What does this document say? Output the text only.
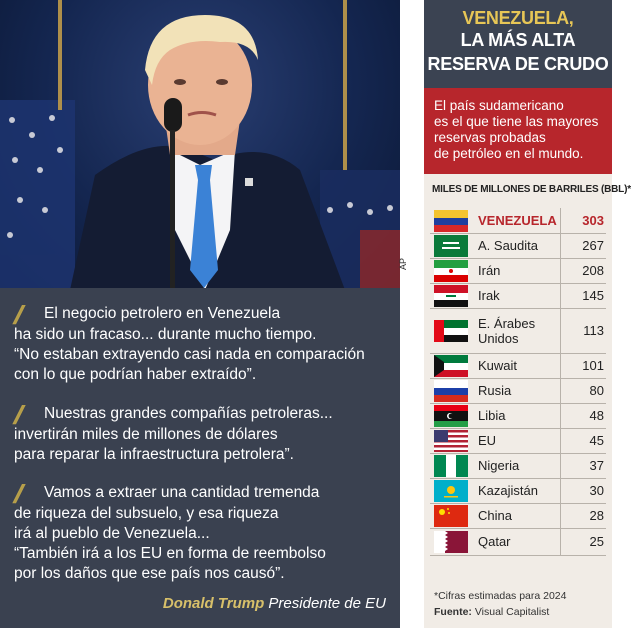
AP
// El negocio petrolero en Venezuela
ha sido un fracaso... durante mucho tiempo.
“No estaban extrayendo casi nada en comparación
con lo que podrían haber extraído”.
// Nuestras grandes compañías petroleras...
invertirán miles de millones de dólares
para reparar la infraestructura petrolera”.
// Vamos a extraer una cantidad tremenda
de riqueza del subsuelo, y esa riqueza
irá al pueblo de Venezuela...
“También irá a los EU en forma de reembolso
por los daños que ese país nos causó”.
Donald Trump Presidente de EU
VENEZUELA,
LA MÁS ALTA
RESERVA DE CRUDO
El país sudamericano
es el que tiene las mayores
reservas probadas
de petróleo en el mundo.
MILES DE MILLONES DE BARRILES (BBL)*
VENEZUELA	303
A. Saudita	267
Irán	208
Irak	145
E. Árabes
Unidos	113
Kuwait	101
Rusia	80
Libia	48
EU	45
Nigeria	37
Kazajistán	30
China	28
Qatar	25
*Cifras estimadas para 2024
Fuente: Visual Capitalist
